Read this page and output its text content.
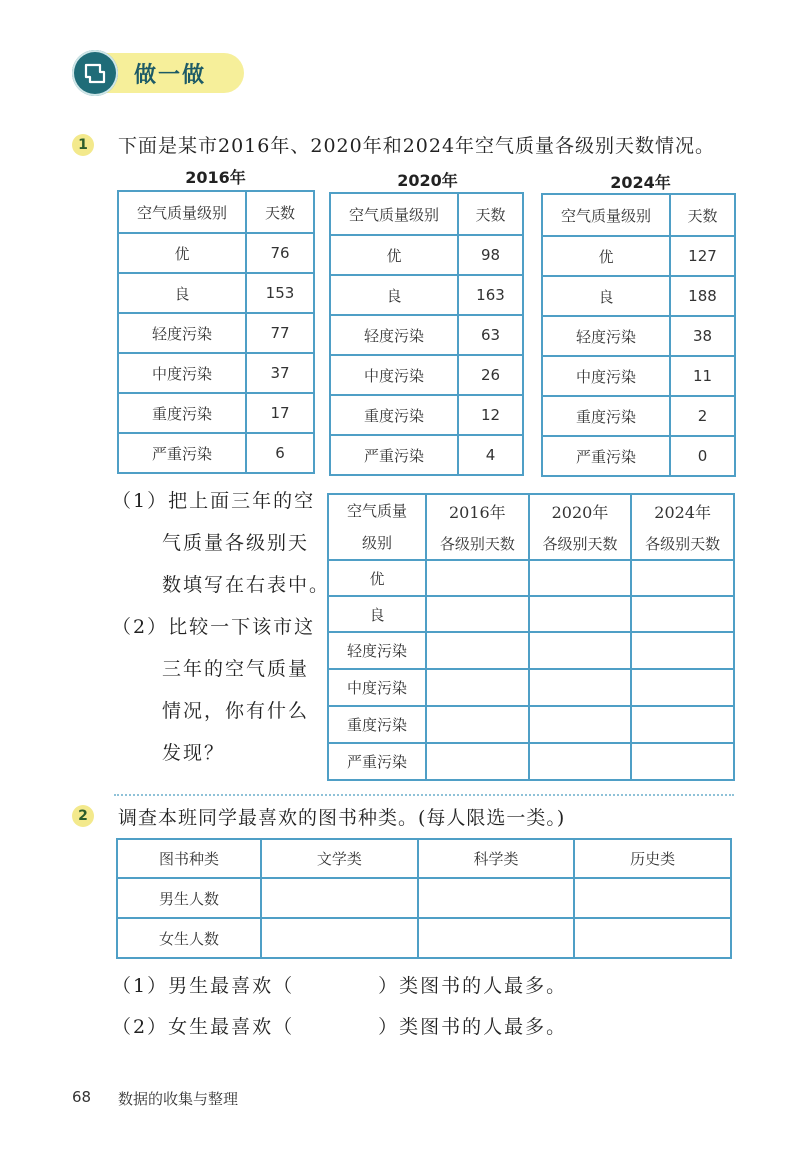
做一做
1	下面是某市2016年、2020年和2024年空气质量各级别天数情况。
2016年	2020年	2024年
空气质量级别	天数
优	76
良	153
轻度污染	77
中度污染	37
重度污染	17
严重污染	6
空气质量级别	天数
优	98
良	163
轻度污染	63
中度污染	26
重度污染	12
严重污染	4
空气质量级别	天数
优	127
良	188
轻度污染	38
中度污染	11
重度污染	2
严重污染	0
（1）把上面三年的空
气质量各级别天
数填写在右表中。
（2）比较一下该市这
三年的空气质量
情况，你有什么
发现？
空气质量
级别	2016年	2020年	2024年
	各级别天数	各级别天数	各级别天数
优			
良			
轻度污染			
中度污染			
重度污染			
严重污染			
2	调查本班同学最喜欢的图书种类。(每人限选一类。)
图书种类	文学类	科学类	历史类
男生人数			
女生人数			
（1）男生最喜欢（　　　　）类图书的人最多。
（2）女生最喜欢（　　　　）类图书的人最多。
68 数据的收集与整理
